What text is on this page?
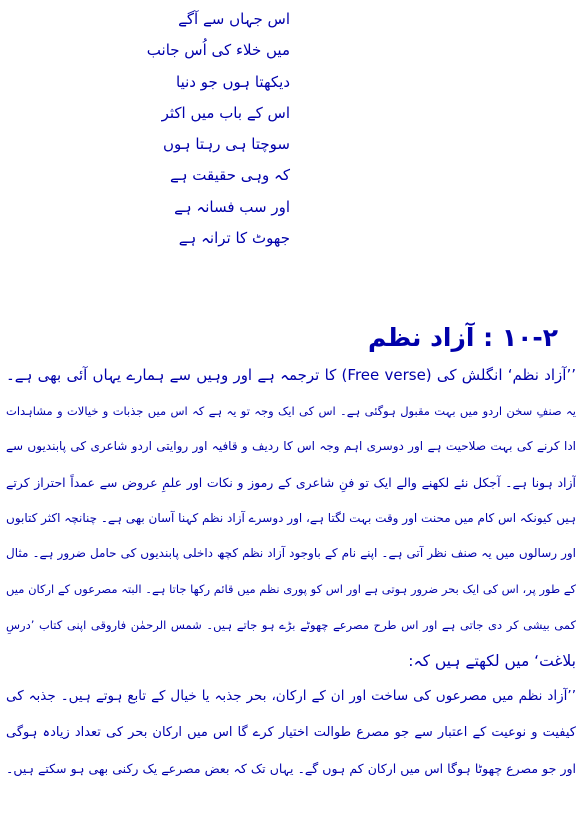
اس جہاں سے آگے
میں خلاء کی اُس جانب
دیکھتا ہوں جو دنیا
اس کے باب میں اکثر
سوچتا ہی رہتا ہوں
کہ وہی حقیقت ہے
اور سب فسانہ ہے
جھوٹ کا ترانہ ہے
۱۰-۲ : آزاد نظم
’’آزاد نظم‘ انگلش کی (Free verse) کا ترجمہ ہے اور وہیں سے ہمارے یہاں آئی بھی ہے۔
یہ صنفِ سخن اردو میں بہت مقبول ہوگئی ہے۔ اس کی ایک وجہ تو یہ ہے کہ اس میں جذبات و خیالات و مشاہدات
ادا کرنے کی بہت صلاحیت ہے اور دوسری اہم وجہ اس کا ردیف و قافیہ اور روایتی اردو شاعری کی پابندیوں سے
آزاد ہونا ہے۔ آجکل نئے لکھنے والے ایک تو فنِ شاعری کے رموز و نکات اور علمِ عروض سے عمداً احتراز کرتے
ہیں کیونکہ اس کام میں محنت اور وقت بہت لگتا ہے، اور دوسرے آزاد نظم کہنا آسان بھی ہے۔ چنانچہ اکثر کتابوں
اور رسالوں میں یہ صنف نظر آتی ہے۔ اپنے نام کے باوجود آزاد نظم کچھ داخلی پابندیوں کی حامل ضرور ہے۔ مثال
کے طور پر، اس کی ایک بحر ضرور ہوتی ہے اور اس کو پوری نظم میں قائم رکھا جاتا ہے۔ البتہ مصرعوں کے ارکان میں
کمی بیشی کر دی جاتی ہے اور اس طرح مصرعے چھوٹے بڑے ہو جاتے ہیں۔ شمس الرحمٰن فاروقی اپنی کتاب ’درسِ
بلاغت‘ میں لکھتے ہیں کہ:
’’آزاد نظم میں مصرعوں کی ساخت اور ان کے ارکان، بحر جذبہ یا خیال کے تابع ہوتے ہیں۔ جذبہ کی
کیفیت و نوعیت کے اعتبار سے جو مصرع طوالت اختیار کرے گا اس میں ارکان بحر کی تعداد زیادہ ہوگی
اور جو مصرع چھوٹا ہوگا اس میں ارکان کم ہوں گے۔ یہاں تک کہ بعض مصرعے یک رکنی بھی ہو سکتے ہیں۔
